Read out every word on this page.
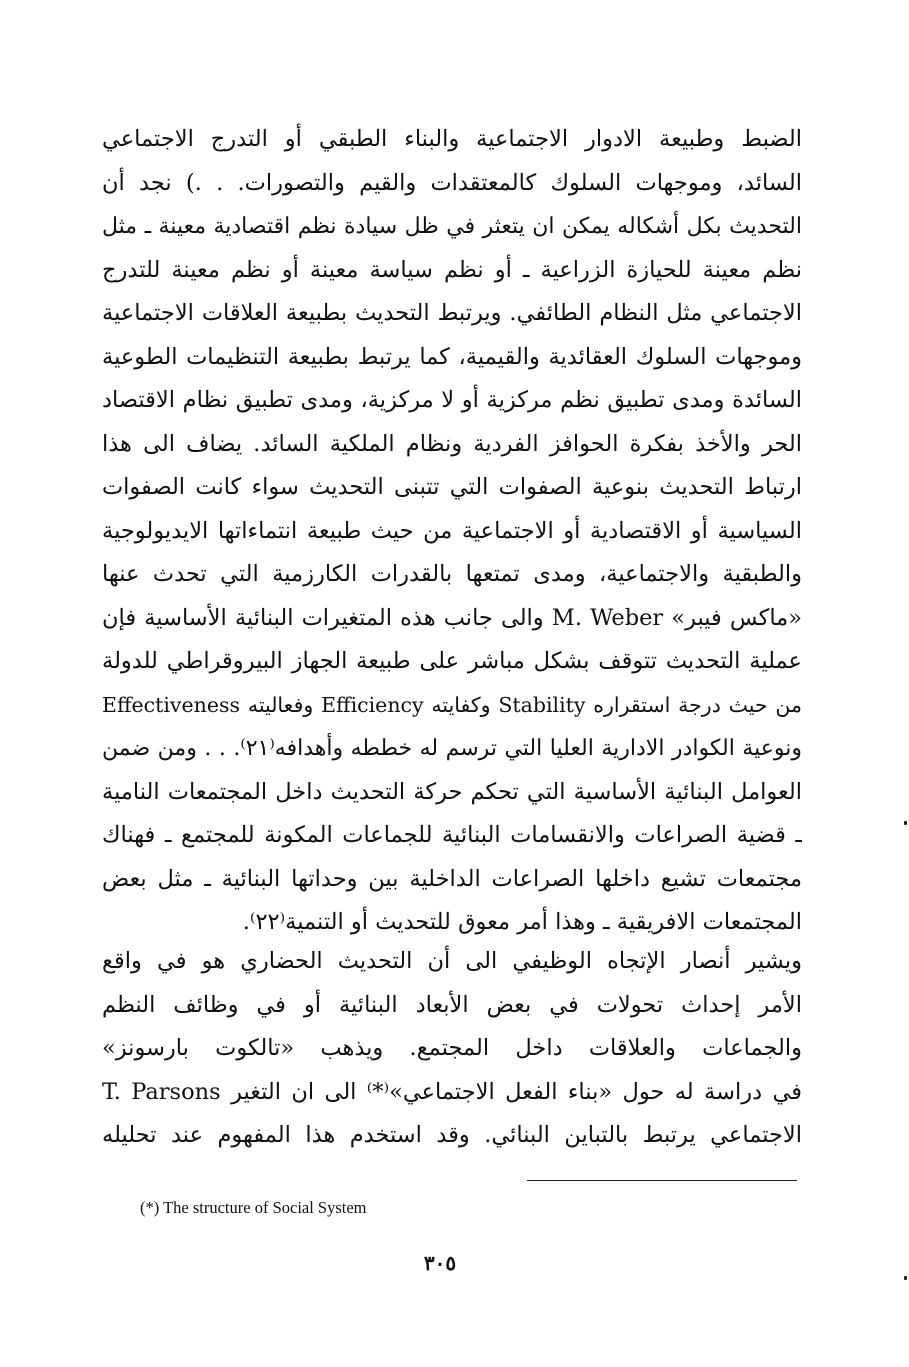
الضبط وطبيعة الادوار الاجتماعية والبناء الطبقي أو التدرج الاجتماعي
السائد، وموجهات السلوك كالمعتقدات والقيم والتصورات. . .) نجد أن
التحديث بكل أشكاله يمكن ان يتعثر في ظل سيادة نظم اقتصادية معينة ـ مثل
نظم معينة للحيازة الزراعية ـ أو نظم سياسة معينة أو نظم معينة للتدرج
الاجتماعي مثل النظام الطائفي. ويرتبط التحديث بطبيعة العلاقات الاجتماعية
وموجهات السلوك العقائدية والقيمية، كما يرتبط بطبيعة التنظيمات الطوعية
السائدة ومدى تطبيق نظم مركزية أو لا مركزية، ومدى تطبيق نظام الاقتصاد
الحر والأخذ بفكرة الحوافز الفردية ونظام الملكية السائد. يضاف الى هذا
ارتباط التحديث بنوعية الصفوات التي تتبنى التحديث سواء كانت الصفوات
السياسية أو الاقتصادية أو الاجتماعية من حيث طبيعة انتماءاتها الايديولوجية
والطبقية والاجتماعية، ومدى تمتعها بالقدرات الكارزمية التي تحدث عنها
«ماكس فيبر» M. Weber والى جانب هذه المتغيرات البنائية الأساسية فإن
عملية التحديث تتوقف بشكل مباشر على طبيعة الجهاز البيروقراطي للدولة
من حيث درجة استقراره Stability وكفايته Efficiency وفعاليته Effectiveness
ونوعية الكوادر الادارية العليا التي ترسم له خططه وأهدافه⁽٢١⁾. . . ومن ضمن
العوامل البنائية الأساسية التي تحكم حركة التحديث داخل المجتمعات النامية
ـ قضية الصراعات والانقسامات البنائية للجماعات المكونة للمجتمع ـ فهناك
مجتمعات تشيع داخلها الصراعات الداخلية بين وحداتها البنائية ـ مثل بعض
المجتمعات الافريقية ـ وهذا أمر معوق للتحديث أو التنمية⁽٢٢⁾.
ويشير أنصار الإتجاه الوظيفي الى أن التحديث الحضاري هو في واقع
الأمر إحداث تحولات في بعض الأبعاد البنائية أو في وظائف النظم
والجماعات والعلاقات داخل المجتمع. ويذهب «تالكوت بارسونز»
T. Parsons في دراسة له حول «بناء الفعل الاجتماعي»⁽*⁾ الى ان التغير
الاجتماعي يرتبط بالتباين البنائي. وقد استخدم هذا المفهوم عند تحليله
(*) The structure of Social System
٣٠٥
